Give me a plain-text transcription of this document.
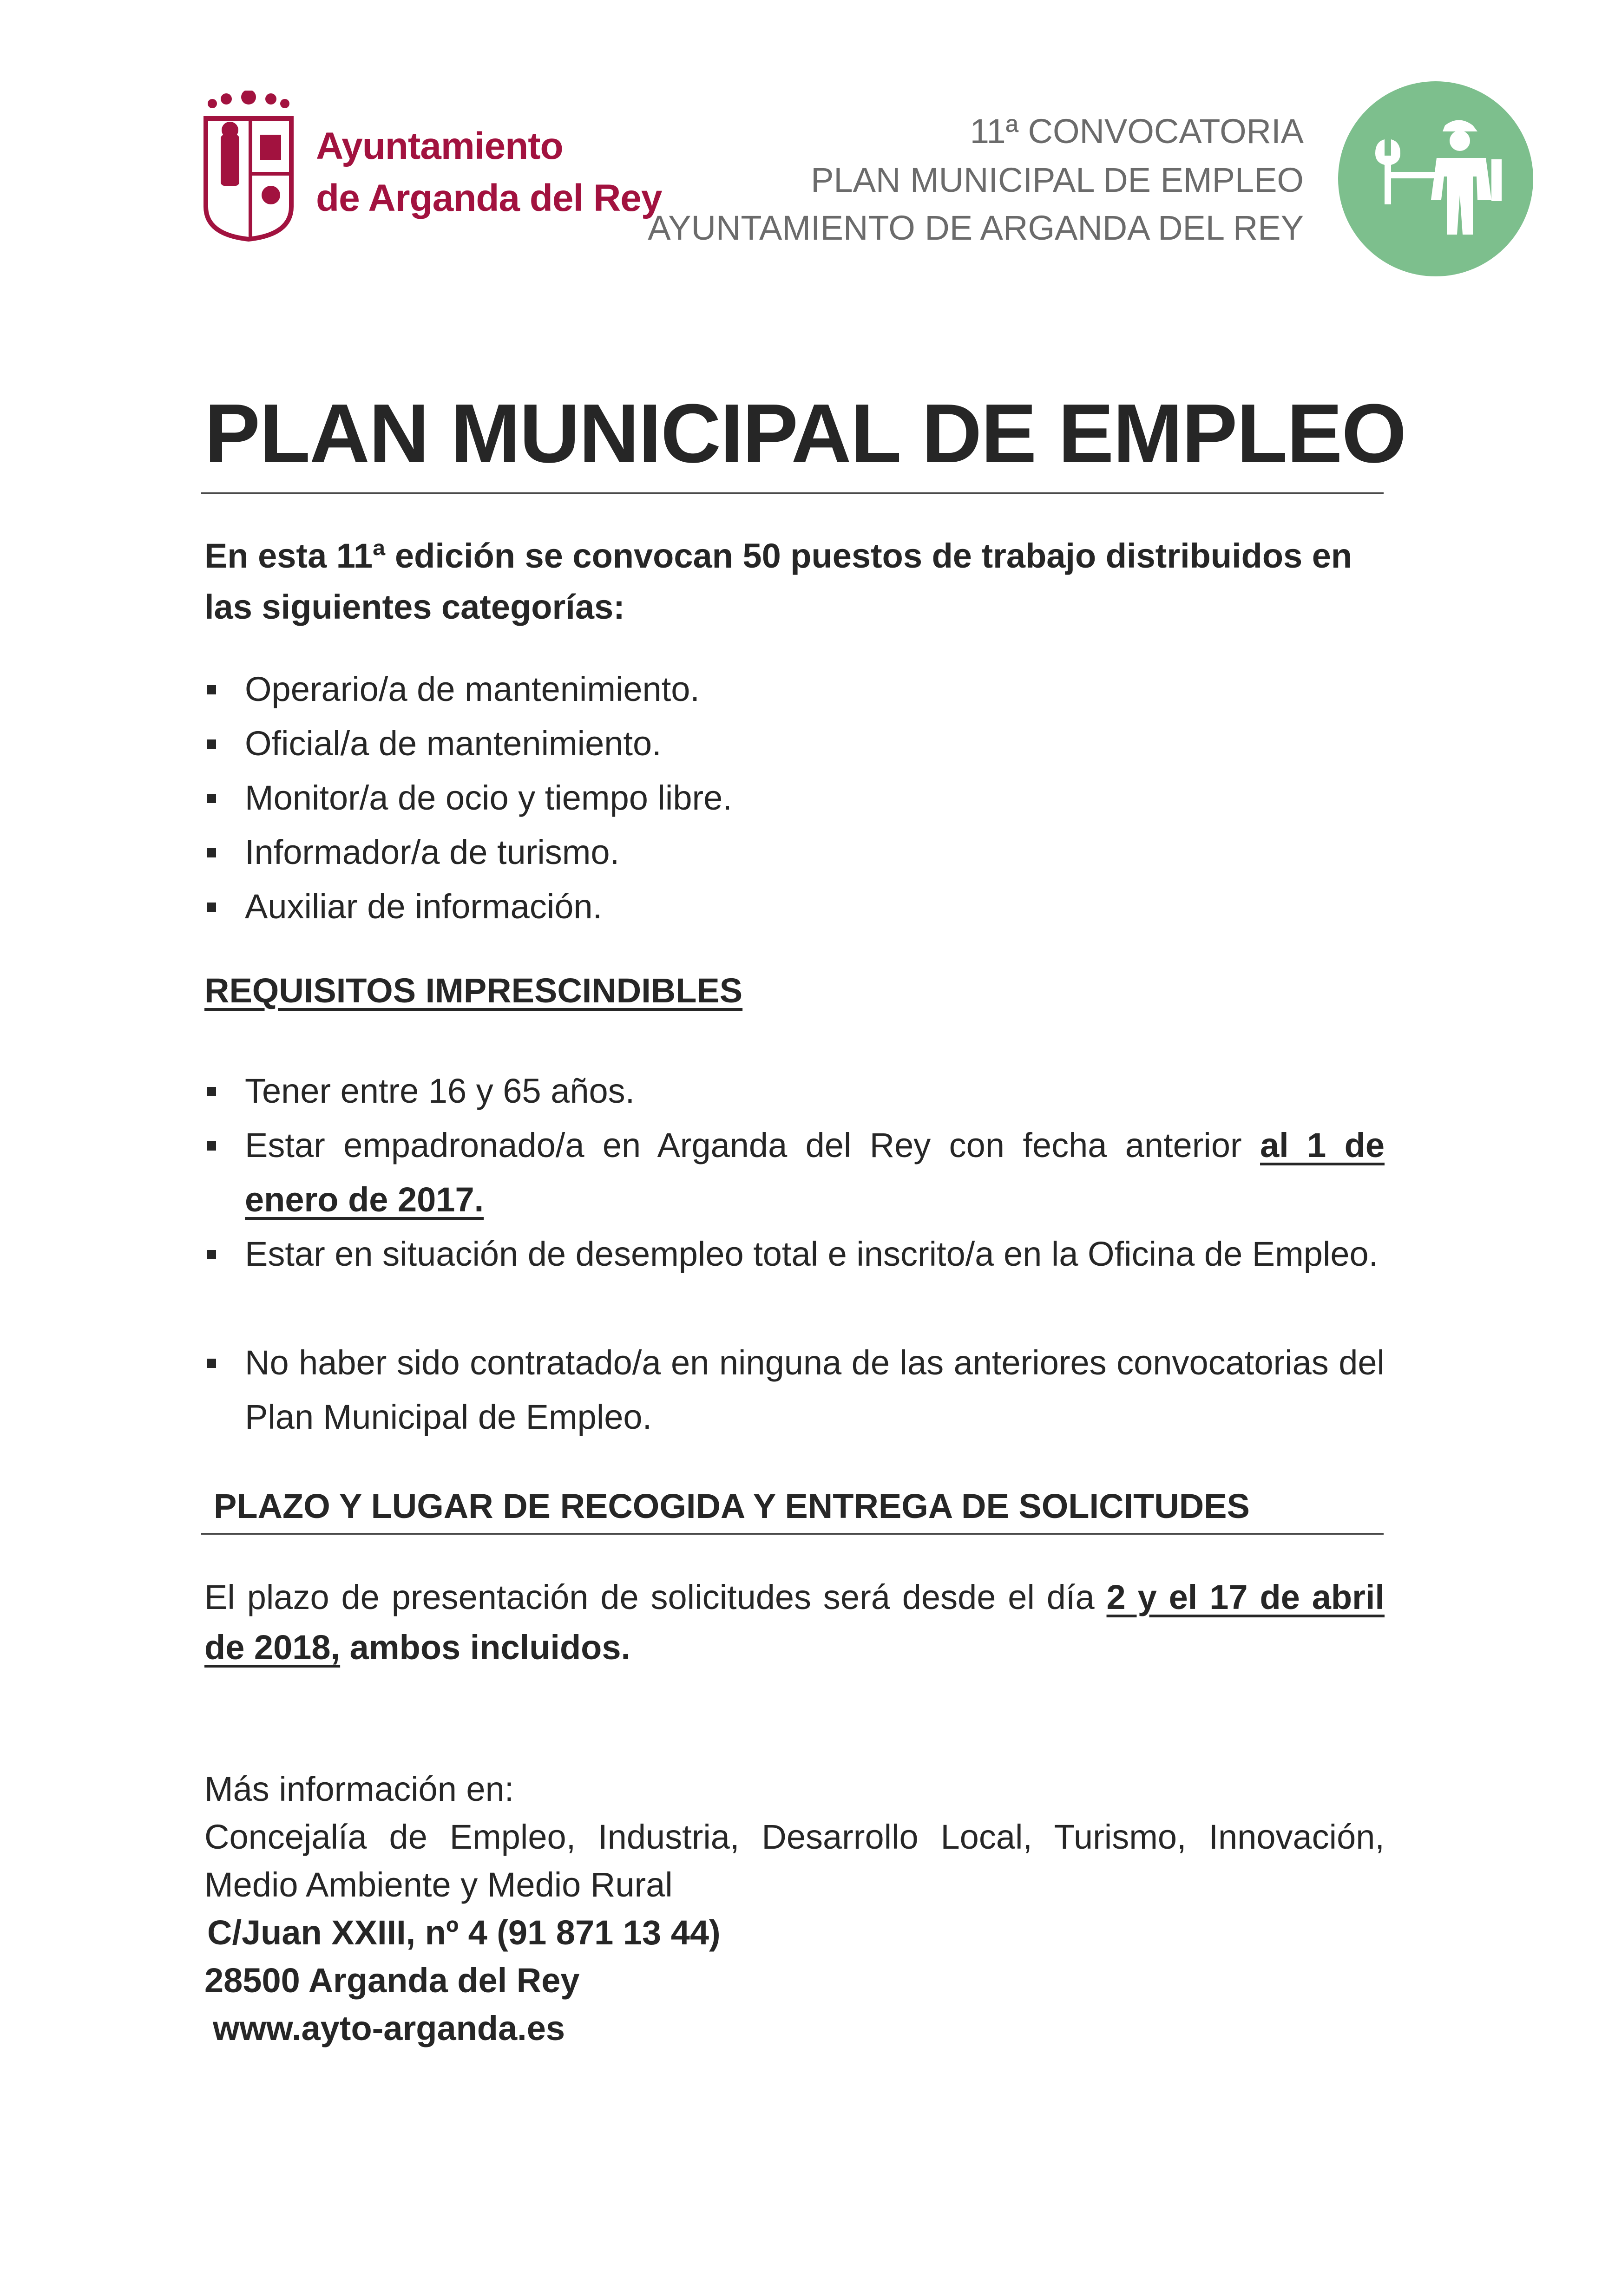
Ayuntamiento
de Arganda del Rey
11ª CONVOCATORIA
PLAN MUNICIPAL DE EMPLEO
AYUNTAMIENTO DE ARGANDA DEL REY
PLAN MUNICIPAL DE EMPLEO
En esta 11ª edición se convocan 50 puestos de trabajo distribuidos en las siguientes categorías:
Operario/a de mantenimiento.
Oficial/a de mantenimiento.
Monitor/a de ocio y tiempo libre.
Informador/a de turismo.
Auxiliar de información.
REQUISITOS IMPRESCINDIBLES
Tener entre 16 y 65 años.
Estar empadronado/a en Arganda del Rey con fecha anterior al 1 de enero de 2017.
Estar en situación de desempleo total e inscrito/a en la Oficina de Empleo.
No haber sido contratado/a en ninguna de las anteriores convocatorias del Plan Municipal de Empleo.
PLAZO Y LUGAR DE RECOGIDA Y ENTREGA DE SOLICITUDES
El plazo de presentación de solicitudes será desde el día 2 y el 17 de abril de 2018, ambos incluidos.
Más información en:
Concejalía de Empleo, Industria, Desarrollo Local, Turismo, Innovación, Medio Ambiente y Medio Rural
C/Juan XXIII, nº 4 (91 871 13 44)
28500 Arganda del Rey
www.ayto-arganda.es
